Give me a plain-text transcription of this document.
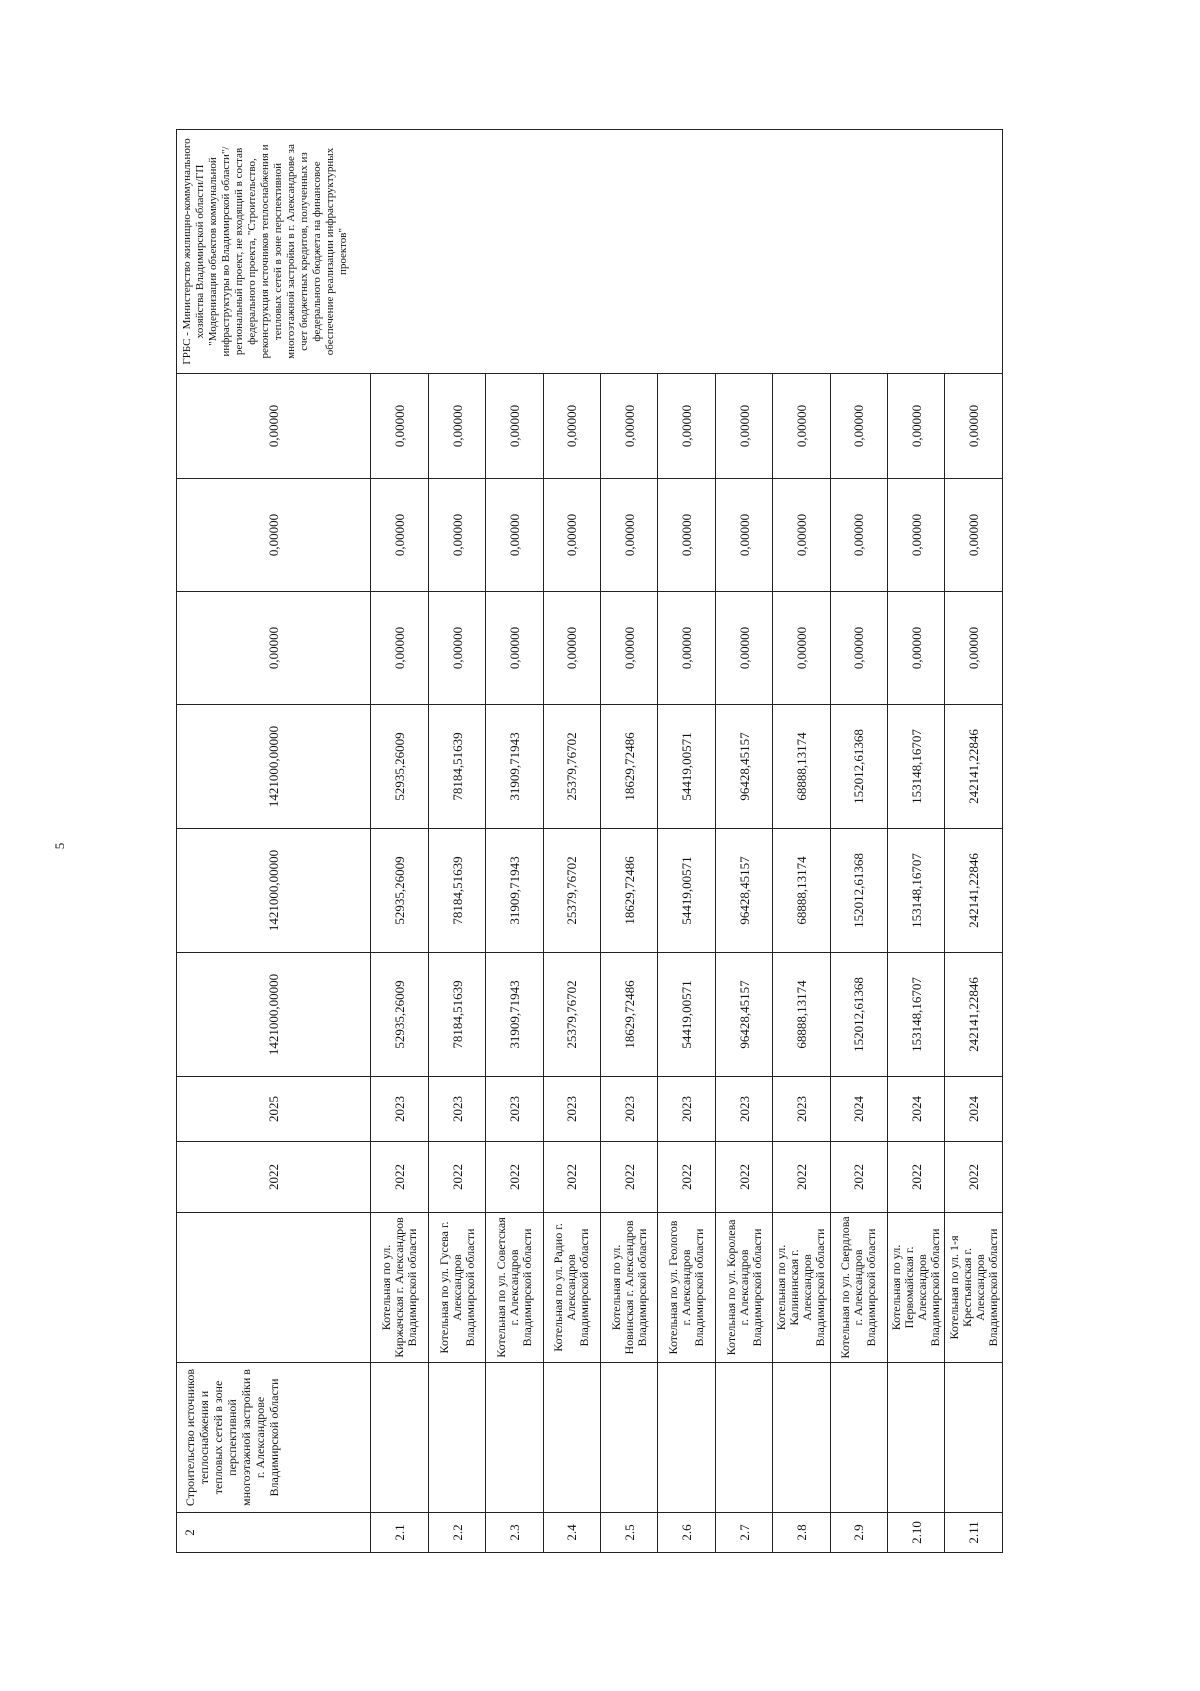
5
2	Строительство источников теплоснабжения и тепловых сетей в зоне перспективной многоэтажной застройки в г. Александрове Владимирской области		2022	2025	1421000,00000	1421000,00000	1421000,00000	0,00000	0,00000	0,00000	ГРБС - Министерство жилищно-коммунального хозяйства Владимирской области/ГП "Модернизация объектов коммунальной инфраструктуры во Владимирской области"/региональный проект, не входящий в состав федерального проекта, "Строительство, реконструкция источников теплоснабжения и тепловых сетей в зоне перспективной многоэтажной застройки в г. Александрове за счет бюджетных кредитов, полученных из федерального бюджета на финансовое обеспечение реализации инфраструктурных проектов"
2.1		Котельная по ул. Киржачская г. Александров Владимирской области	2022	2023	52935,26009	52935,26009	52935,26009	0,00000	0,00000	0,00000	
2.2		Котельная по ул. Гусева г. Александров Владимирской области	2022	2023	78184,51639	78184,51639	78184,51639	0,00000	0,00000	0,00000	
2.3		Котельная по ул. Советская г. Александров Владимирской области	2022	2023	31909,71943	31909,71943	31909,71943	0,00000	0,00000	0,00000	
2.4		Котельная по ул. Радио г. Александров Владимирской области	2022	2023	25379,76702	25379,76702	25379,76702	0,00000	0,00000	0,00000	
2.5		Котельная по ул. Новинская г. Александров Владимирской области	2022	2023	18629,72486	18629,72486	18629,72486	0,00000	0,00000	0,00000	
2.6		Котельная по ул. Геологов г. Александров Владимирской области	2022	2023	54419,00571	54419,00571	54419,00571	0,00000	0,00000	0,00000	
2.7		Котельная по ул. Королева г. Александров Владимирской области	2022	2023	96428,45157	96428,45157	96428,45157	0,00000	0,00000	0,00000	
2.8		Котельная по ул. Калининская г. Александров Владимирской области	2022	2023	68888,13174	68888,13174	68888,13174	0,00000	0,00000	0,00000	
2.9		Котельная по ул. Свердлова г. Александров Владимирской области	2022	2024	152012,61368	152012,61368	152012,61368	0,00000	0,00000	0,00000	
2.10		Котельная по ул. Первомайская г. Александров Владимирской области	2022	2024	153148,16707	153148,16707	153148,16707	0,00000	0,00000	0,00000	
2.11		Котельная по ул. 1-я Крестьянская г. Александров Владимирской области	2022	2024	242141,22846	242141,22846	242141,22846	0,00000	0,00000	0,00000	
